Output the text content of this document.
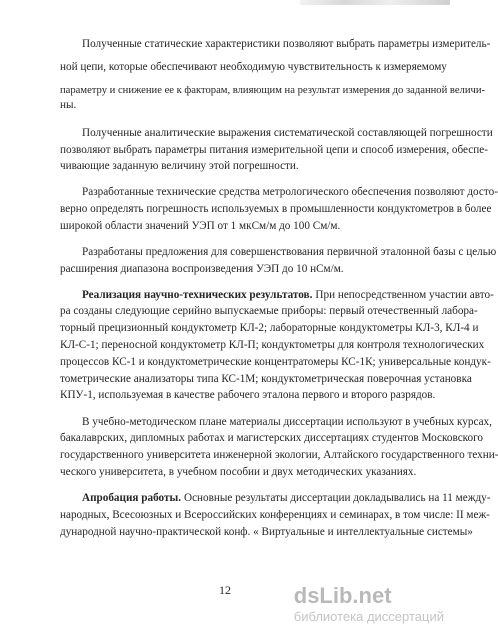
Полученные статические характеристики позволяют выбрать параметры измеритель-
ной цепи, которые обеспечивают необходимую чувствительность к измеряемому
параметру и снижение ее к факторам, влияющим на результат измерения до заданной величи-
ны.
Полученные аналитические выражения систематической составляющей погрешности
позволяют выбрать параметры питания измерительной цепи и способ измерения, обеспе-
чивающие заданную величину этой погрешности.
Разработанные технические средства метрологического обеспечения позволяют досто-
верно определять погрешность используемых в промышленности кондуктометров в более
широкой области значений УЭП от 1 мкСм/м до 100 См/м.
Разработаны предложения для совершенствования первичной эталонной базы с целью
расширения диапазона воспроизведения УЭП до 10 нСм/м.
Реализация научно-технических результатов. При непосредственном участии авто-
ра созданы следующие серийно выпускаемые приборы: первый отечественный лабора-
торный прецизионный кондуктометр КЛ-2; лабораторные кондуктометры КЛ-3, КЛ-4 и
КЛ-С-1; переносной кондуктометр КЛ-П; кондуктометры для контроля технологических
процессов КС-1 и кондуктометрические концентратомеры КС-1К; универсальные кондук-
тометрические анализаторы типа КС-1М; кондуктометрическая поверочная установка
КПУ-1, используемая в качестве рабочего эталона первого и второго разрядов.
В учебно-методическом плане материалы диссертации используют в учебных курсах,
бакалаврских, дипломных работах и магистерских диссертациях студентов Московского
государственного университета инженерной экологии, Алтайского государственного техни-
ческого университета, в учебном пособии и двух методических указаниях.
Апробация работы. Основные результаты диссертации докладывались на 11 между-
народных, Всесоюзных и Всероссийских конференциях и семинарах, в том числе: II меж-
дународной научно-практической конф. « Виртуальные и интеллектуальные системы»
12	dsLib.net
библиотека диссертаций
